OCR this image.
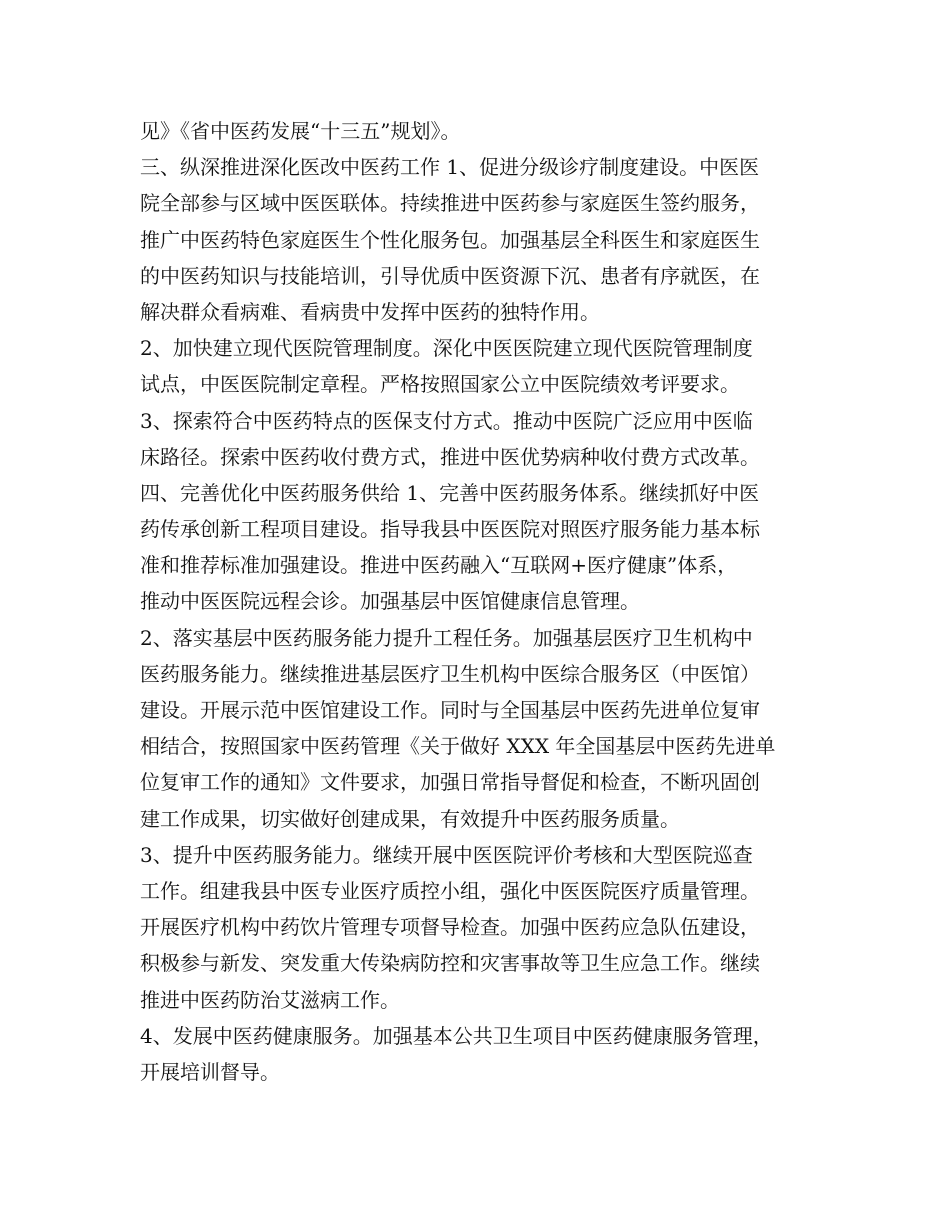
见》《省中医药发展“十三五”规划》。
三、纵深推进深化医改中医药工作 1、促进分级诊疗制度建设。中医医
院全部参与区域中医医联体。持续推进中医药参与家庭医生签约服务，
推广中医药特色家庭医生个性化服务包。加强基层全科医生和家庭医生
的中医药知识与技能培训，引导优质中医资源下沉、患者有序就医，在
解决群众看病难、看病贵中发挥中医药的独特作用。
2、加快建立现代医院管理制度。深化中医医院建立现代医院管理制度
试点，中医医院制定章程。严格按照国家公立中医院绩效考评要求。
3、探索符合中医药特点的医保支付方式。推动中医院广泛应用中医临
床路径。探索中医药收付费方式，推进中医优势病种收付费方式改革。
四、完善优化中医药服务供给 1、完善中医药服务体系。继续抓好中医
药传承创新工程项目建设。指导我县中医医院对照医疗服务能力基本标
准和推荐标准加强建设。推进中医药融入“互联网+医疗健康”体系，
推动中医医院远程会诊。加强基层中医馆健康信息管理。
2、落实基层中医药服务能力提升工程任务。加强基层医疗卫生机构中
医药服务能力。继续推进基层医疗卫生机构中医综合服务区（中医馆）
建设。开展示范中医馆建设工作。同时与全国基层中医药先进单位复审
相结合，按照国家中医药管理《关于做好 XXX 年全国基层中医药先进单
位复审工作的通知》文件要求，加强日常指导督促和检查，不断巩固创
建工作成果，切实做好创建成果，有效提升中医药服务质量。
3、提升中医药服务能力。继续开展中医医院评价考核和大型医院巡查
工作。组建我县中医专业医疗质控小组，强化中医医院医疗质量管理。
开展医疗机构中药饮片管理专项督导检查。加强中医药应急队伍建设，
积极参与新发、突发重大传染病防控和灾害事故等卫生应急工作。继续
推进中医药防治艾滋病工作。
4、发展中医药健康服务。加强基本公共卫生项目中医药健康服务管理，
开展培训督导。
